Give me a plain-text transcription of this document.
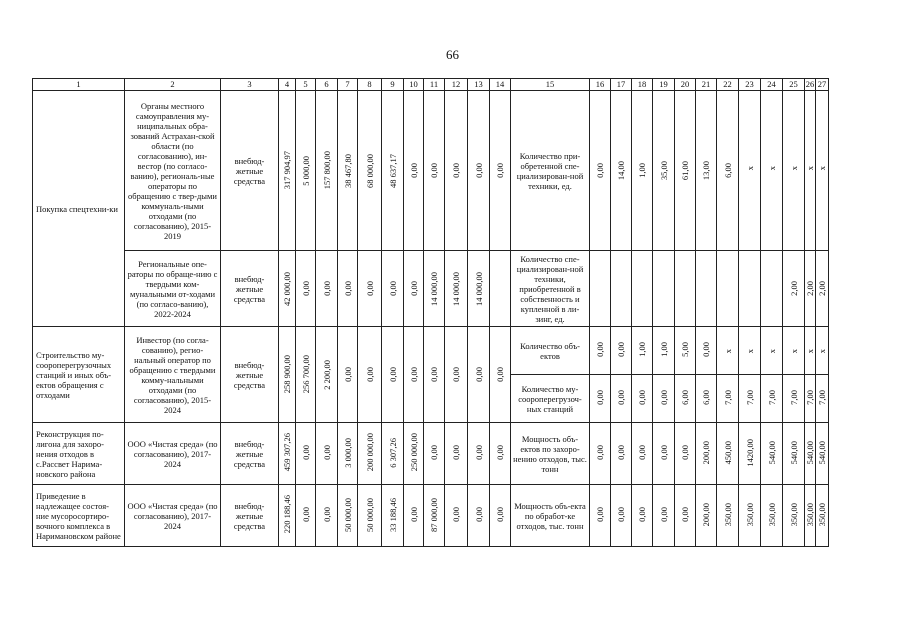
66
1	2	3	4	5	6	7	8	9	10	11	12	13	14	15	16	17	18	19	20	21	22	23	24	25	26	27
Покупка спецтехни-ки	Органы местного самоуправления му-ниципальных обра-зований Астрахан-ской области (по согласованию), ин-вестор (по согласо-ванию), региональ-ные операторы по обращению с твер-дыми коммуналь-ными отходами (по согласованию), 2015-2019	внебюд-жетные средства	317 904,97	5 000,00	157 800,00	38 467,80	68 000,00	48 637,17	0,00	0,00	0,00	0,00	0,00	Количество при-обретенной спе-циализирован-ной техники, ед.	0,00	14,00	1,00	35,00	61,00	13,00	6,00	x	x	x	x	x
	Региональные опе-раторы по обраще-нию с твердыми ком-мунальными от-ходами (по согласо-ванию), 2022-2024	внебюд-жетные средства	42 000,00	0,00	0,00	0,00	0,00	0,00	0,00	14 000,00	14 000,00	14 000,00		Количество спе-циализирован-ной техники, приобретенной в собственность и купленной в ли-зинг, ед.										2,00	2,00	2,00
Строительство му-соороперегрузочных станций и иных объ-ектов обращения с отходами	Инвестор (по согла-сованию), регио-нальный оператор по обращению с твердыми комму-нальными отходами (по согласованию), 2015-2024	внебюд-жетные средства	258 900,00	256 700,00	2 200,00	0,00	0,00	0,00	0,00	0,00	0,00	0,00	0,00	Количество объ-ектов	0,00	0,00	1,00	1,00	5,00	0,00	x	x	x	x	x	x
														Количество му-соороперегрузоч-ных станций	0,00	0,00	0,00	0,00	6,00	6,00	7,00	7,00	7,00	7,00	7,00	7,00
Реконструкция по-лигона для захоро-нения отходов в с.Рассвет Нарима-новского района	ООО «Чистая среда» (по согласованию), 2017-2024	внебюд-жетные средства	459 307,26	0,00	0,00	3 000,00	200 000,00	6 307,26	250 000,00	0,00	0,00	0,00	0,00	Мощность объ-ектов по захоро-нению отходов, тыс. тонн	0,00	0,00	0,00	0,00	0,00	200,00	450,00	1420,00	540,00	540,00	540,00	540,00
Приведение в надлежащее состоя-ние мусоросортиро-вочного комплекса в Наримановском районе	ООО «Чистая среда» (по согласованию), 2017-2024	внебюд-жетные средства	220 188,46	0,00	0,00	50 000,00	50 000,00	33 188,46	0,00	87 000,00	0,00	0,00	0,00	Мощность объ-екта по обработ-ке отходов, тыс. тонн	0,00	0,00	0,00	0,00	0,00	200,00	350,00	350,00	350,00	350,00	350,00	350,00
